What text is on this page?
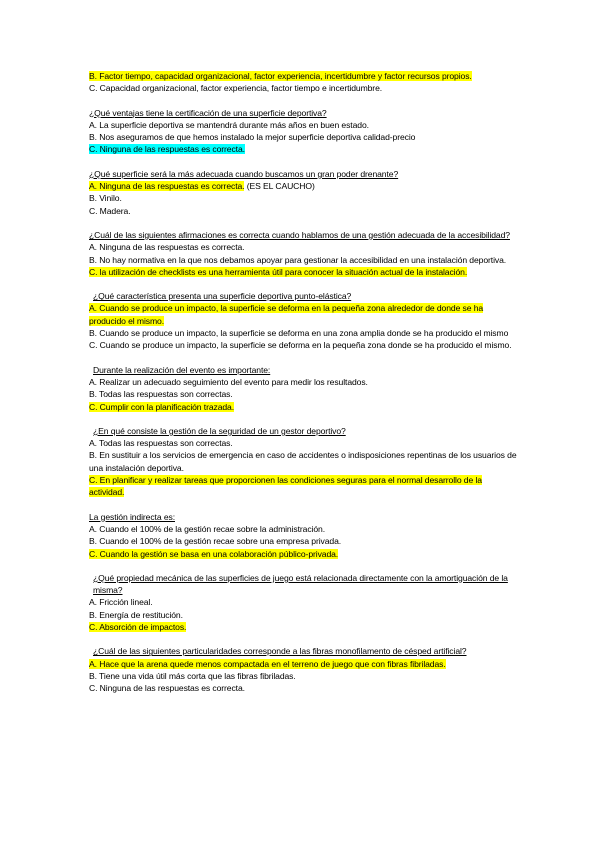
B. Factor tiempo, capacidad organizacional, factor experiencia, incertidumbre y factor recursos propios.
C. Capacidad organizacional, factor experiencia, factor tiempo e incertidumbre.
¿Qué ventajas tiene la certificación de una superficie deportiva?
A. La superficie deportiva se mantendrá durante más años en buen estado.
B. Nos aseguramos de que hemos instalado la mejor superficie deportiva calidad-precio
C. Ninguna de las respuestas es correcta.
¿Qué superficie será la más adecuada cuando buscamos un gran poder drenante?
A. Ninguna de las respuestas es correcta. (ES EL CAUCHO)
B. Vinilo.
C. Madera.
¿Cuál de las siguientes afirmaciones es correcta cuando hablamos de una gestión adecuada de la accesibilidad?
A. Ninguna de las respuestas es correcta.
B. No hay normativa en la que nos debamos apoyar para gestionar la accesibilidad en una instalación deportiva.
C. la utilización de checklists es una herramienta útil para conocer la situación actual de la instalación.
¿Qué característica presenta una superficie deportiva punto-elástica?
A. Cuando se produce un impacto, la superficie se deforma en la pequeña zona alrededor de donde se ha producido el mismo.
B. Cuando se produce un impacto, la superficie se deforma en una zona amplia donde se ha producido el mismo
C. Cuando se produce un impacto, la superficie se deforma en la pequeña zona donde se ha producido el mismo.
Durante la realización del evento es importante:
A. Realizar un adecuado seguimiento del evento para medir los resultados.
B. Todas las respuestas son correctas.
C. Cumplir con la planificación trazada.
¿En qué consiste la gestión de la seguridad de un gestor deportivo?
A. Todas las respuestas son correctas.
B. En sustituir a los servicios de emergencia en caso de accidentes o indisposiciones repentinas de los usuarios de una instalación deportiva.
C. En planificar y realizar tareas que proporcionen las condiciones seguras para el normal desarrollo de la actividad.
La gestión indirecta es:
A. Cuando el 100% de la gestión recae sobre la administración.
B. Cuando el 100% de la gestión recae sobre una empresa privada.
C. Cuando la gestión se basa en una colaboración público-privada.
¿Qué propiedad mecánica de las superficies de juego está relacionada directamente con la amortiguación de la misma?
A. Fricción lineal.
B. Energía de restitución.
C. Absorción de impactos.
¿Cuál de las siguientes particularidades corresponde a las fibras monofilamento de césped artificial?
A. Hace que la arena quede menos compactada en el terreno de juego que con fibras fibriladas.
B. Tiene una vida útil más corta que las fibras fibriladas.
C. Ninguna de las respuestas es correcta.
